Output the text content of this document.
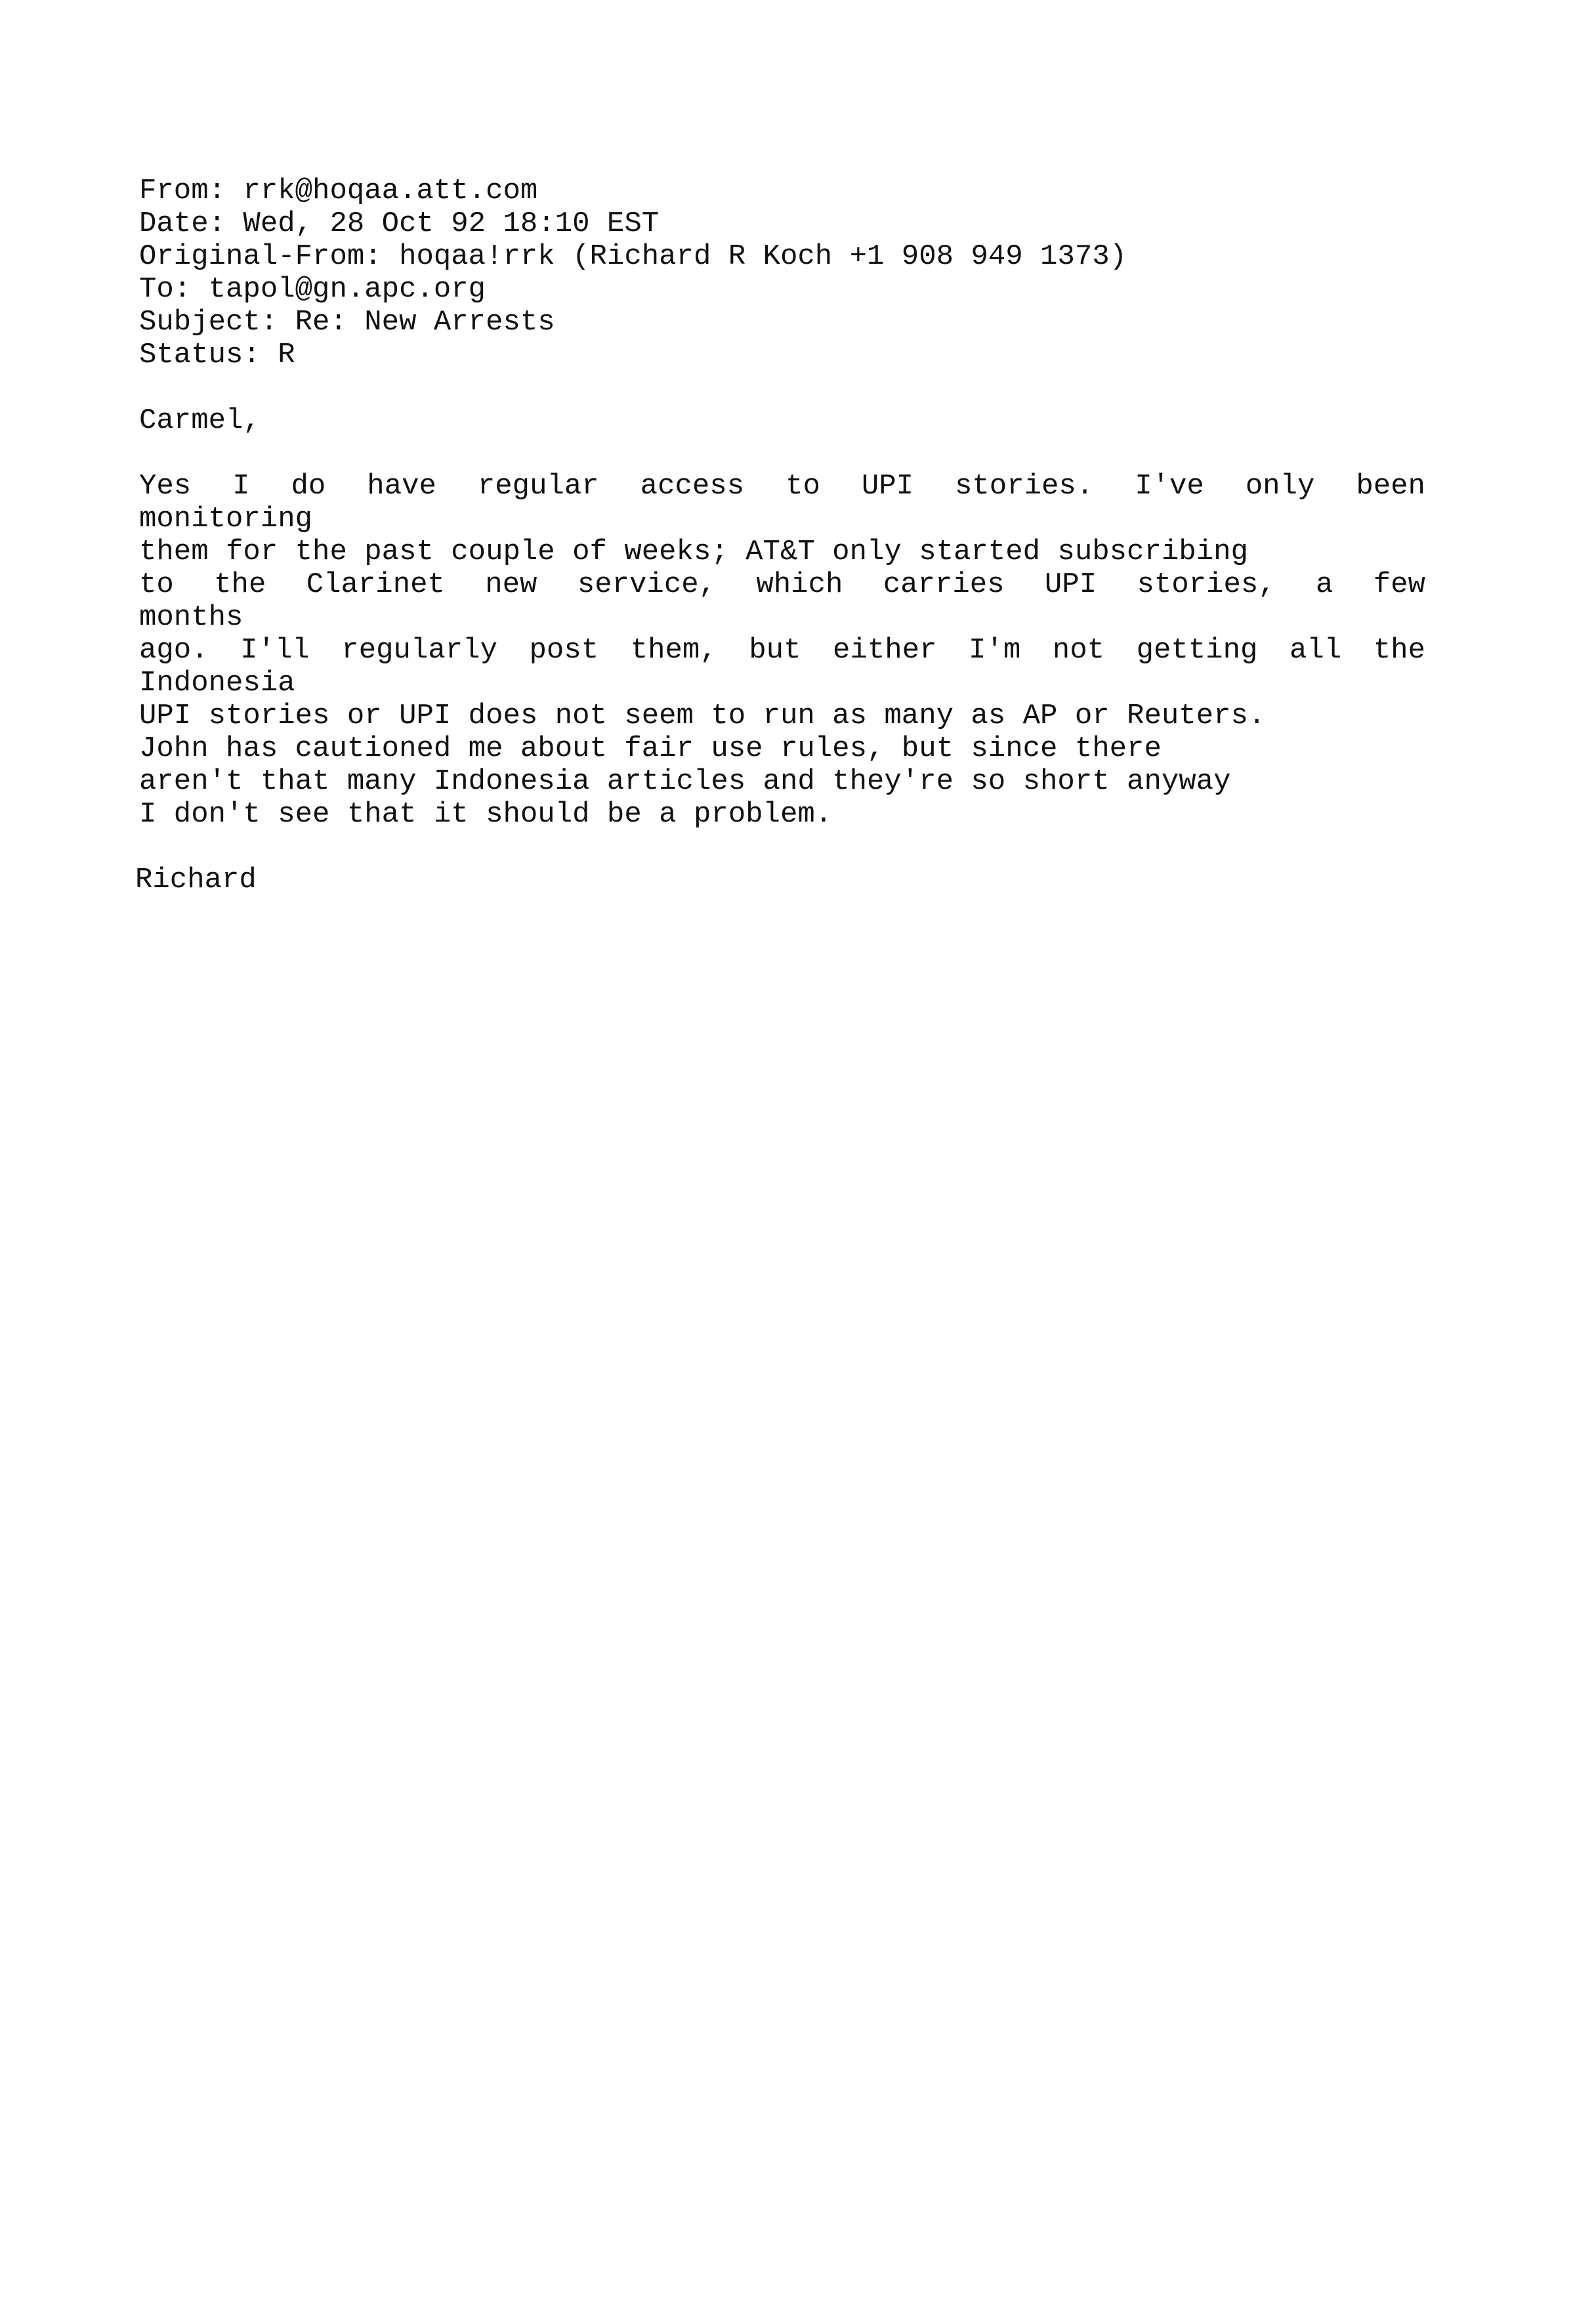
From: rrk@hoqaa.att.com
Date: Wed, 28 Oct 92 18:10 EST
Original-From: hoqaa!rrk (Richard R Koch +1 908 949 1373)
To: tapol@gn.apc.org
Subject: Re: New Arrests
Status: R
Carmel,
Yes I do have regular access to UPI stories. I've only been
monitoring
them for the past couple of weeks; AT&T only started subscribing
to the Clarinet new service, which carries UPI stories, a few
months
ago. I'll regularly post them, but either I'm not getting all the
Indonesia
UPI stories or UPI does not seem to run as many as AP or Reuters.
John has cautioned me about fair use rules, but since there
aren't that many Indonesia articles and they're so short anyway
I don't see that it should be a problem.
Richard
